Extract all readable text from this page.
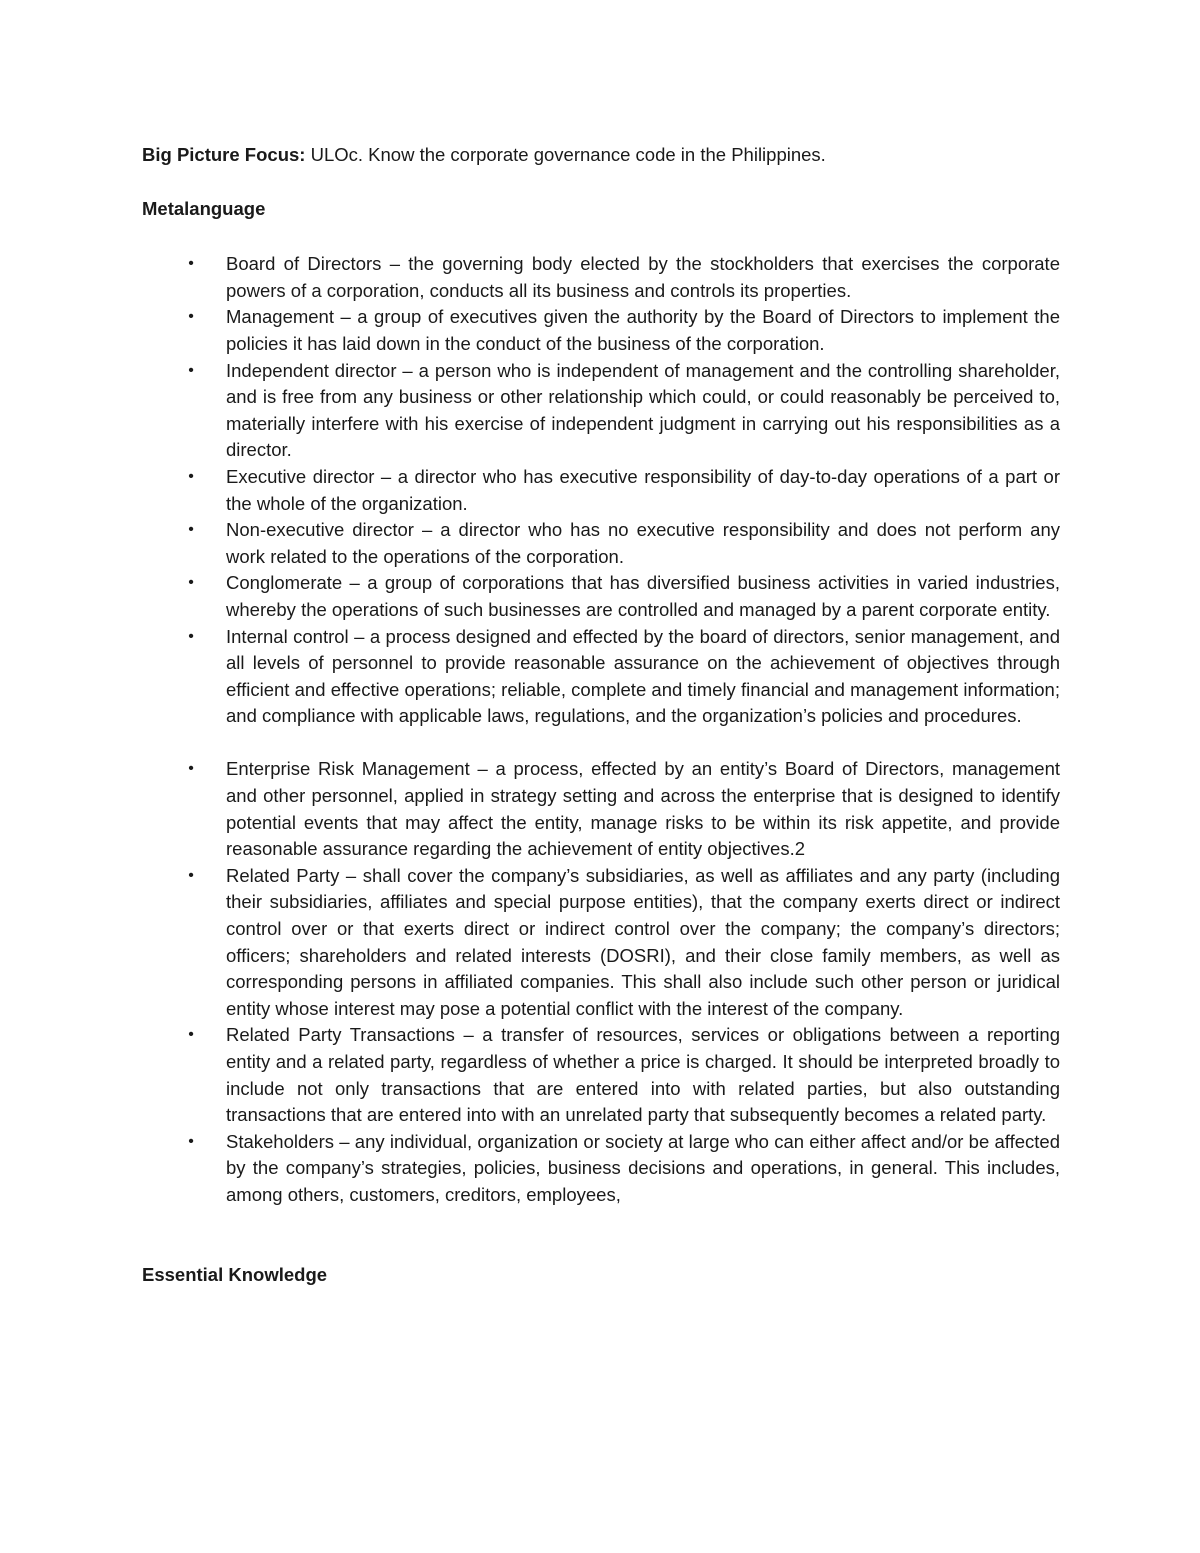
Big Picture Focus: ULOc. Know the corporate governance code in the Philippines.

Metalanguage
• Board of Directors – the governing body elected by the stockholders that exercises the corporate powers of a corporation, conducts all its business and controls its properties.
• Management – a group of executives given the authority by the Board of Directors to implement the policies it has laid down in the conduct of the business of the corporation.
• Independent director – a person who is independent of management and the controlling shareholder, and is free from any business or other relationship which could, or could reasonably be perceived to, materially interfere with his exercise of independent judgment in carrying out his responsibilities as a director.
• Executive director – a director who has executive responsibility of day-to-day operations of a part or the whole of the organization.
• Non-executive director – a director who has no executive responsibility and does not perform any work related to the operations of the corporation.
• Conglomerate – a group of corporations that has diversified business activities in varied industries, whereby the operations of such businesses are controlled and managed by a parent corporate entity.
• Internal control – a process designed and effected by the board of directors, senior management, and all levels of personnel to provide reasonable assurance on the achievement of objectives through efficient and effective operations; reliable, complete and timely financial and management information; and compliance with applicable laws, regulations, and the organization’s policies and procedures.
• Enterprise Risk Management – a process, effected by an entity’s Board of Directors, management and other personnel, applied in strategy setting and across the enterprise that is designed to identify potential events that may affect the entity, manage risks to be within its risk appetite, and provide reasonable assurance regarding the achievement of entity objectives.2
• Related Party – shall cover the company’s subsidiaries, as well as affiliates and any party (including their subsidiaries, affiliates and special purpose entities), that the company exerts direct or indirect control over or that exerts direct or indirect control over the company; the company’s directors; officers; shareholders and related interests (DOSRI), and their close family members, as well as corresponding persons in affiliated companies. This shall also include such other person or juridical entity whose interest may pose a potential conflict with the interest of the company.
• Related Party Transactions – a transfer of resources, services or obligations between a reporting entity and a related party, regardless of whether a price is charged. It should be interpreted broadly to include not only transactions that are entered into with related parties, but also outstanding transactions that are entered into with an unrelated party that subsequently becomes a related party.
• Stakeholders – any individual, organization or society at large who can either affect and/or be affected by the company’s strategies, policies, business decisions and operations, in general. This includes, among others, customers, creditors, employees,
Essential Knowledge
